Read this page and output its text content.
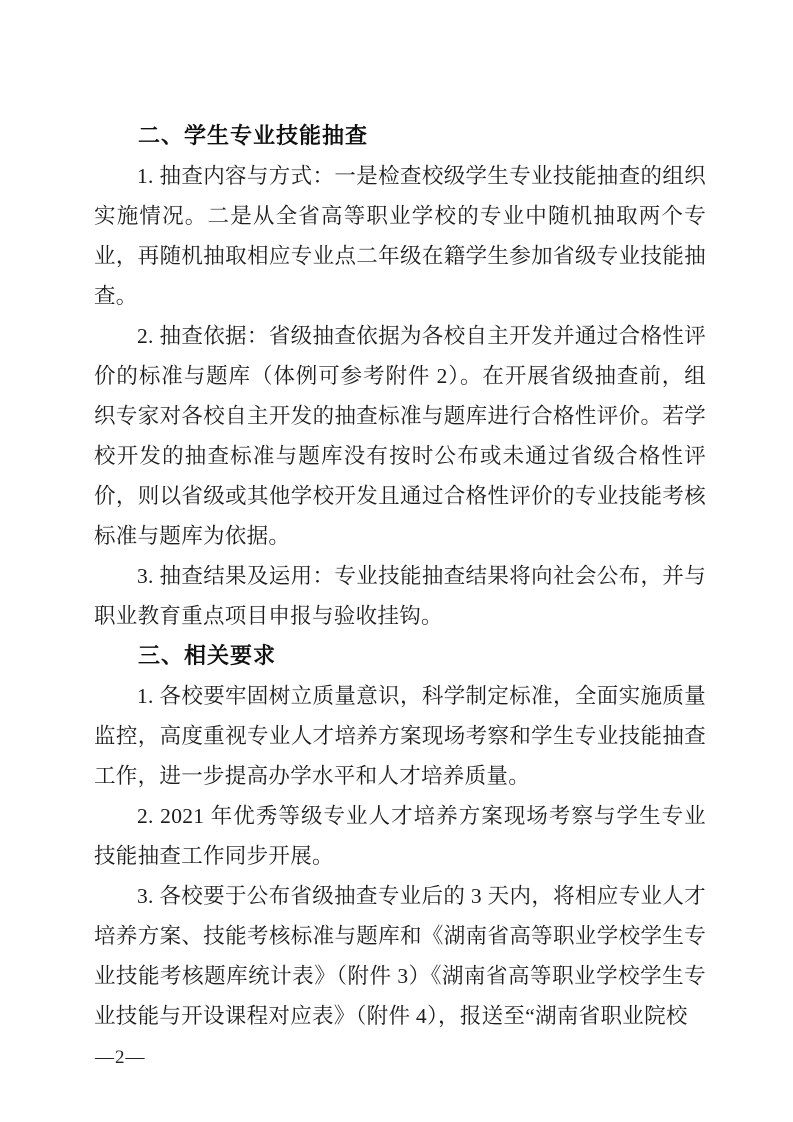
二、学生专业技能抽查

1. 抽查内容与方式：一是检查校级学生专业技能抽查的组织实施情况。二是从全省高等职业学校的专业中随机抽取两个专业，再随机抽取相应专业点二年级在籍学生参加省级专业技能抽查。

2. 抽查依据：省级抽查依据为各校自主开发并通过合格性评价的标准与题库（体例可参考附件 2）。在开展省级抽查前，组织专家对各校自主开发的抽查标准与题库进行合格性评价。若学校开发的抽查标准与题库没有按时公布或未通过省级合格性评价，则以省级或其他学校开发且通过合格性评价的专业技能考核标准与题库为依据。

3. 抽查结果及运用：专业技能抽查结果将向社会公布，并与职业教育重点项目申报与验收挂钩。

三、相关要求

1. 各校要牢固树立质量意识，科学制定标准，全面实施质量监控，高度重视专业人才培养方案现场考察和学生专业技能抽查工作，进一步提高办学水平和人才培养质量。

2. 2021 年优秀等级专业人才培养方案现场考察与学生专业技能抽查工作同步开展。

3. 各校要于公布省级抽查专业后的 3 天内，将相应专业人才培养方案、技能考核标准与题库和《湖南省高等职业学校学生专业技能考核题库统计表》（附件 3）《湖南省高等职业学校学生专业技能与开设课程对应表》（附件 4），报送至“湖南省职业院校

—2—
